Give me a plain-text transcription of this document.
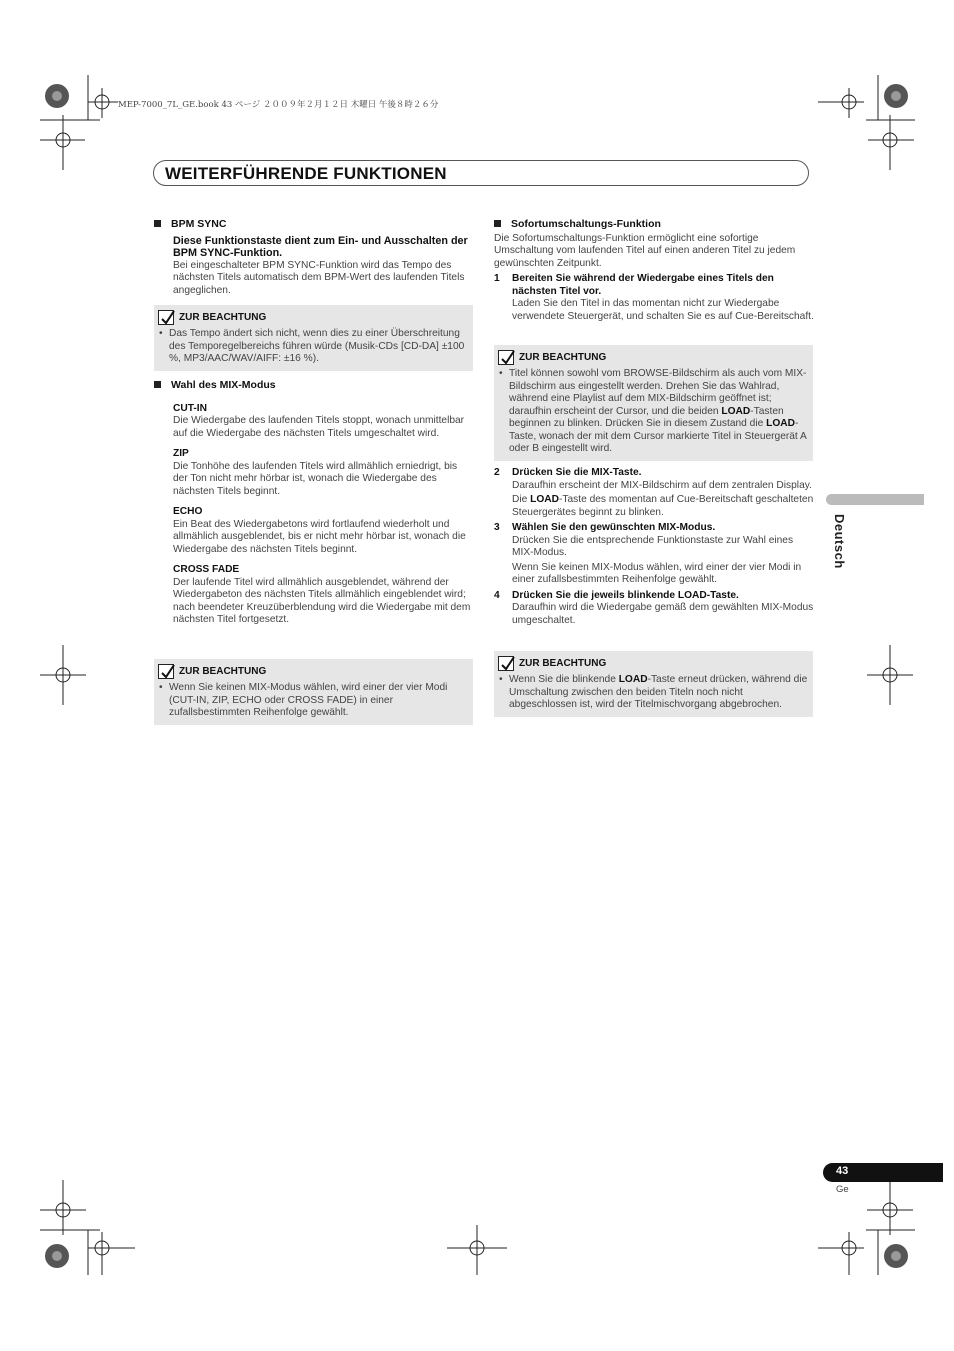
MEP-7000_7L_GE.book 43 ページ ２００９年２月１２日 木曜日 午後８時２６分
WEITERFÜHRENDE FUNKTIONEN
BPM SYNC
Diese Funktionstaste dient zum Ein- und Ausschalten der BPM SYNC-Funktion.
Bei eingeschalteter BPM SYNC-Funktion wird das Tempo des nächsten Titels automatisch dem BPM-Wert des laufenden Titels angeglichen.
ZUR BEACHTUNG
• Das Tempo ändert sich nicht, wenn dies zu einer Überschreitung des Temporegelbereichs führen würde (Musik-CDs [CD-DA] ±100 %, MP3/AAC/WAV/AIFF: ±16 %).
Wahl des MIX-Modus
CUT-IN
Die Wiedergabe des laufenden Titels stoppt, wonach unmittelbar auf die Wiedergabe des nächsten Titels umgeschaltet wird.
ZIP
Die Tonhöhe des laufenden Titels wird allmählich erniedrigt, bis der Ton nicht mehr hörbar ist, wonach die Wiedergabe des nächsten Titels beginnt.
ECHO
Ein Beat des Wiedergabetons wird fortlaufend wiederholt und allmählich ausgeblendet, bis er nicht mehr hörbar ist, wonach die Wiedergabe des nächsten Titels beginnt.
CROSS FADE
Der laufende Titel wird allmählich ausgeblendet, während der Wiedergabeton des nächsten Titels allmählich eingeblendet wird; nach beendeter Kreuzüberblendung wird die Wiedergabe mit dem nächsten Titel fortgesetzt.
ZUR BEACHTUNG
• Wenn Sie keinen MIX-Modus wählen, wird einer der vier Modi (CUT-IN, ZIP, ECHO oder CROSS FADE) in einer zufallsbestimmten Reihenfolge gewählt.
Sofortumschaltungs-Funktion
Die Sofortumschaltungs-Funktion ermöglicht eine sofortige Umschaltung vom laufenden Titel auf einen anderen Titel zu jedem gewünschten Zeitpunkt.
1 Bereiten Sie während der Wiedergabe eines Titels den nächsten Titel vor.
Laden Sie den Titel in das momentan nicht zur Wiedergabe verwendete Steuergerät, und schalten Sie es auf Cue-Bereitschaft.
ZUR BEACHTUNG
• Titel können sowohl vom BROWSE-Bildschirm als auch vom MIX-Bildschirm aus eingestellt werden. Drehen Sie das Wahlrad, während eine Playlist auf dem MIX-Bildschirm geöffnet ist; daraufhin erscheint der Cursor, und die beiden LOAD-Tasten beginnen zu blinken. Drücken Sie in diesem Zustand die LOAD-Taste, wonach der mit dem Cursor markierte Titel in Steuergerät A oder B eingestellt wird.
2 Drücken Sie die MIX-Taste.
Daraufhin erscheint der MIX-Bildschirm auf dem zentralen Display.
Die LOAD-Taste des momentan auf Cue-Bereitschaft geschalteten Steuergerätes beginnt zu blinken.
3 Wählen Sie den gewünschten MIX-Modus.
Drücken Sie die entsprechende Funktionstaste zur Wahl eines MIX-Modus.
Wenn Sie keinen MIX-Modus wählen, wird einer der vier Modi in einer zufallsbestimmten Reihenfolge gewählt.
4 Drücken Sie die jeweils blinkende LOAD-Taste.
Daraufhin wird die Wiedergabe gemäß dem gewählten MIX-Modus umgeschaltet.
ZUR BEACHTUNG
• Wenn Sie die blinkende LOAD-Taste erneut drücken, während die Umschaltung zwischen den beiden Titeln noch nicht abgeschlossen ist, wird der Titelmischvorgang abgebrochen.
Deutsch
43
Ge
